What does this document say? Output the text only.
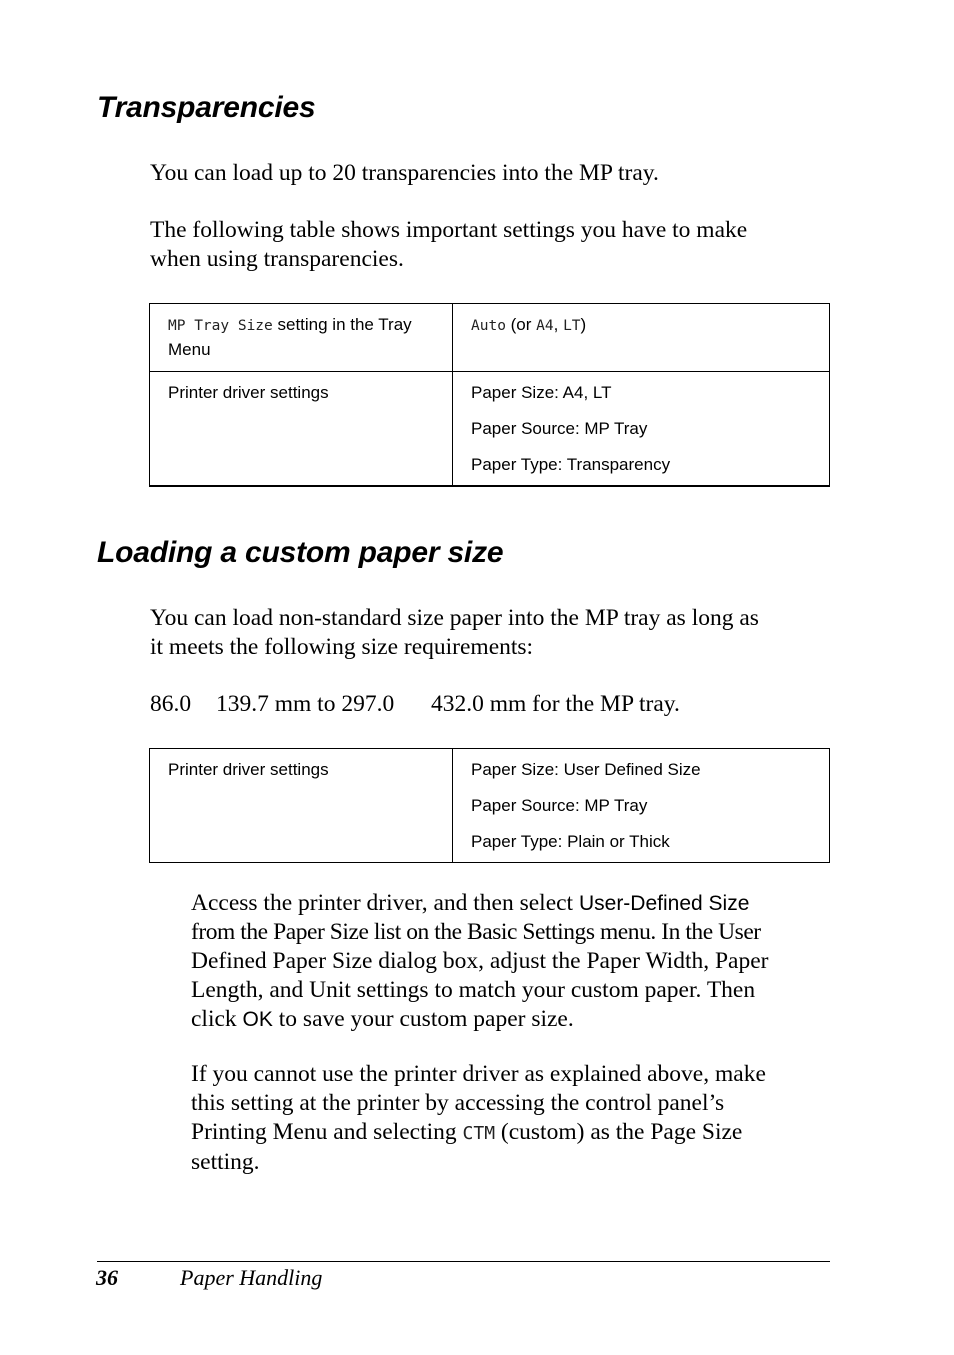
Transparencies

You can load up to 20 transparencies into the MP tray.

The following table shows important settings you have to make
when using transparencies.

MP Tray Size setting in the Tray
Menu	Auto (or A4, LT)
Printer driver settings	Paper Size: A4, LT
Paper Source: MP Tray
Paper Type: Transparency
Loading a custom paper size

You can load non-standard size paper into the MP tray as long as
it meets the following size requirements:

86.0 139.7 mm to 297.0 432.0 mm for the MP tray.

Printer driver settings	Paper Size: User Defined Size
Paper Source: MP Tray
Paper Type: Plain or Thick

Access the printer driver, and then select User-Defined Size
from the Paper Size list on the Basic Settings menu. In the User
Defined Paper Size dialog box, adjust the Paper Width, Paper
Length, and Unit settings to match your custom paper. Then
click OK to save your custom paper size.

If you cannot use the printer driver as explained above, make
this setting at the printer by accessing the control panel’s
Printing Menu and selecting CTM (custom) as the Page Size
setting.

36	Paper Handling
